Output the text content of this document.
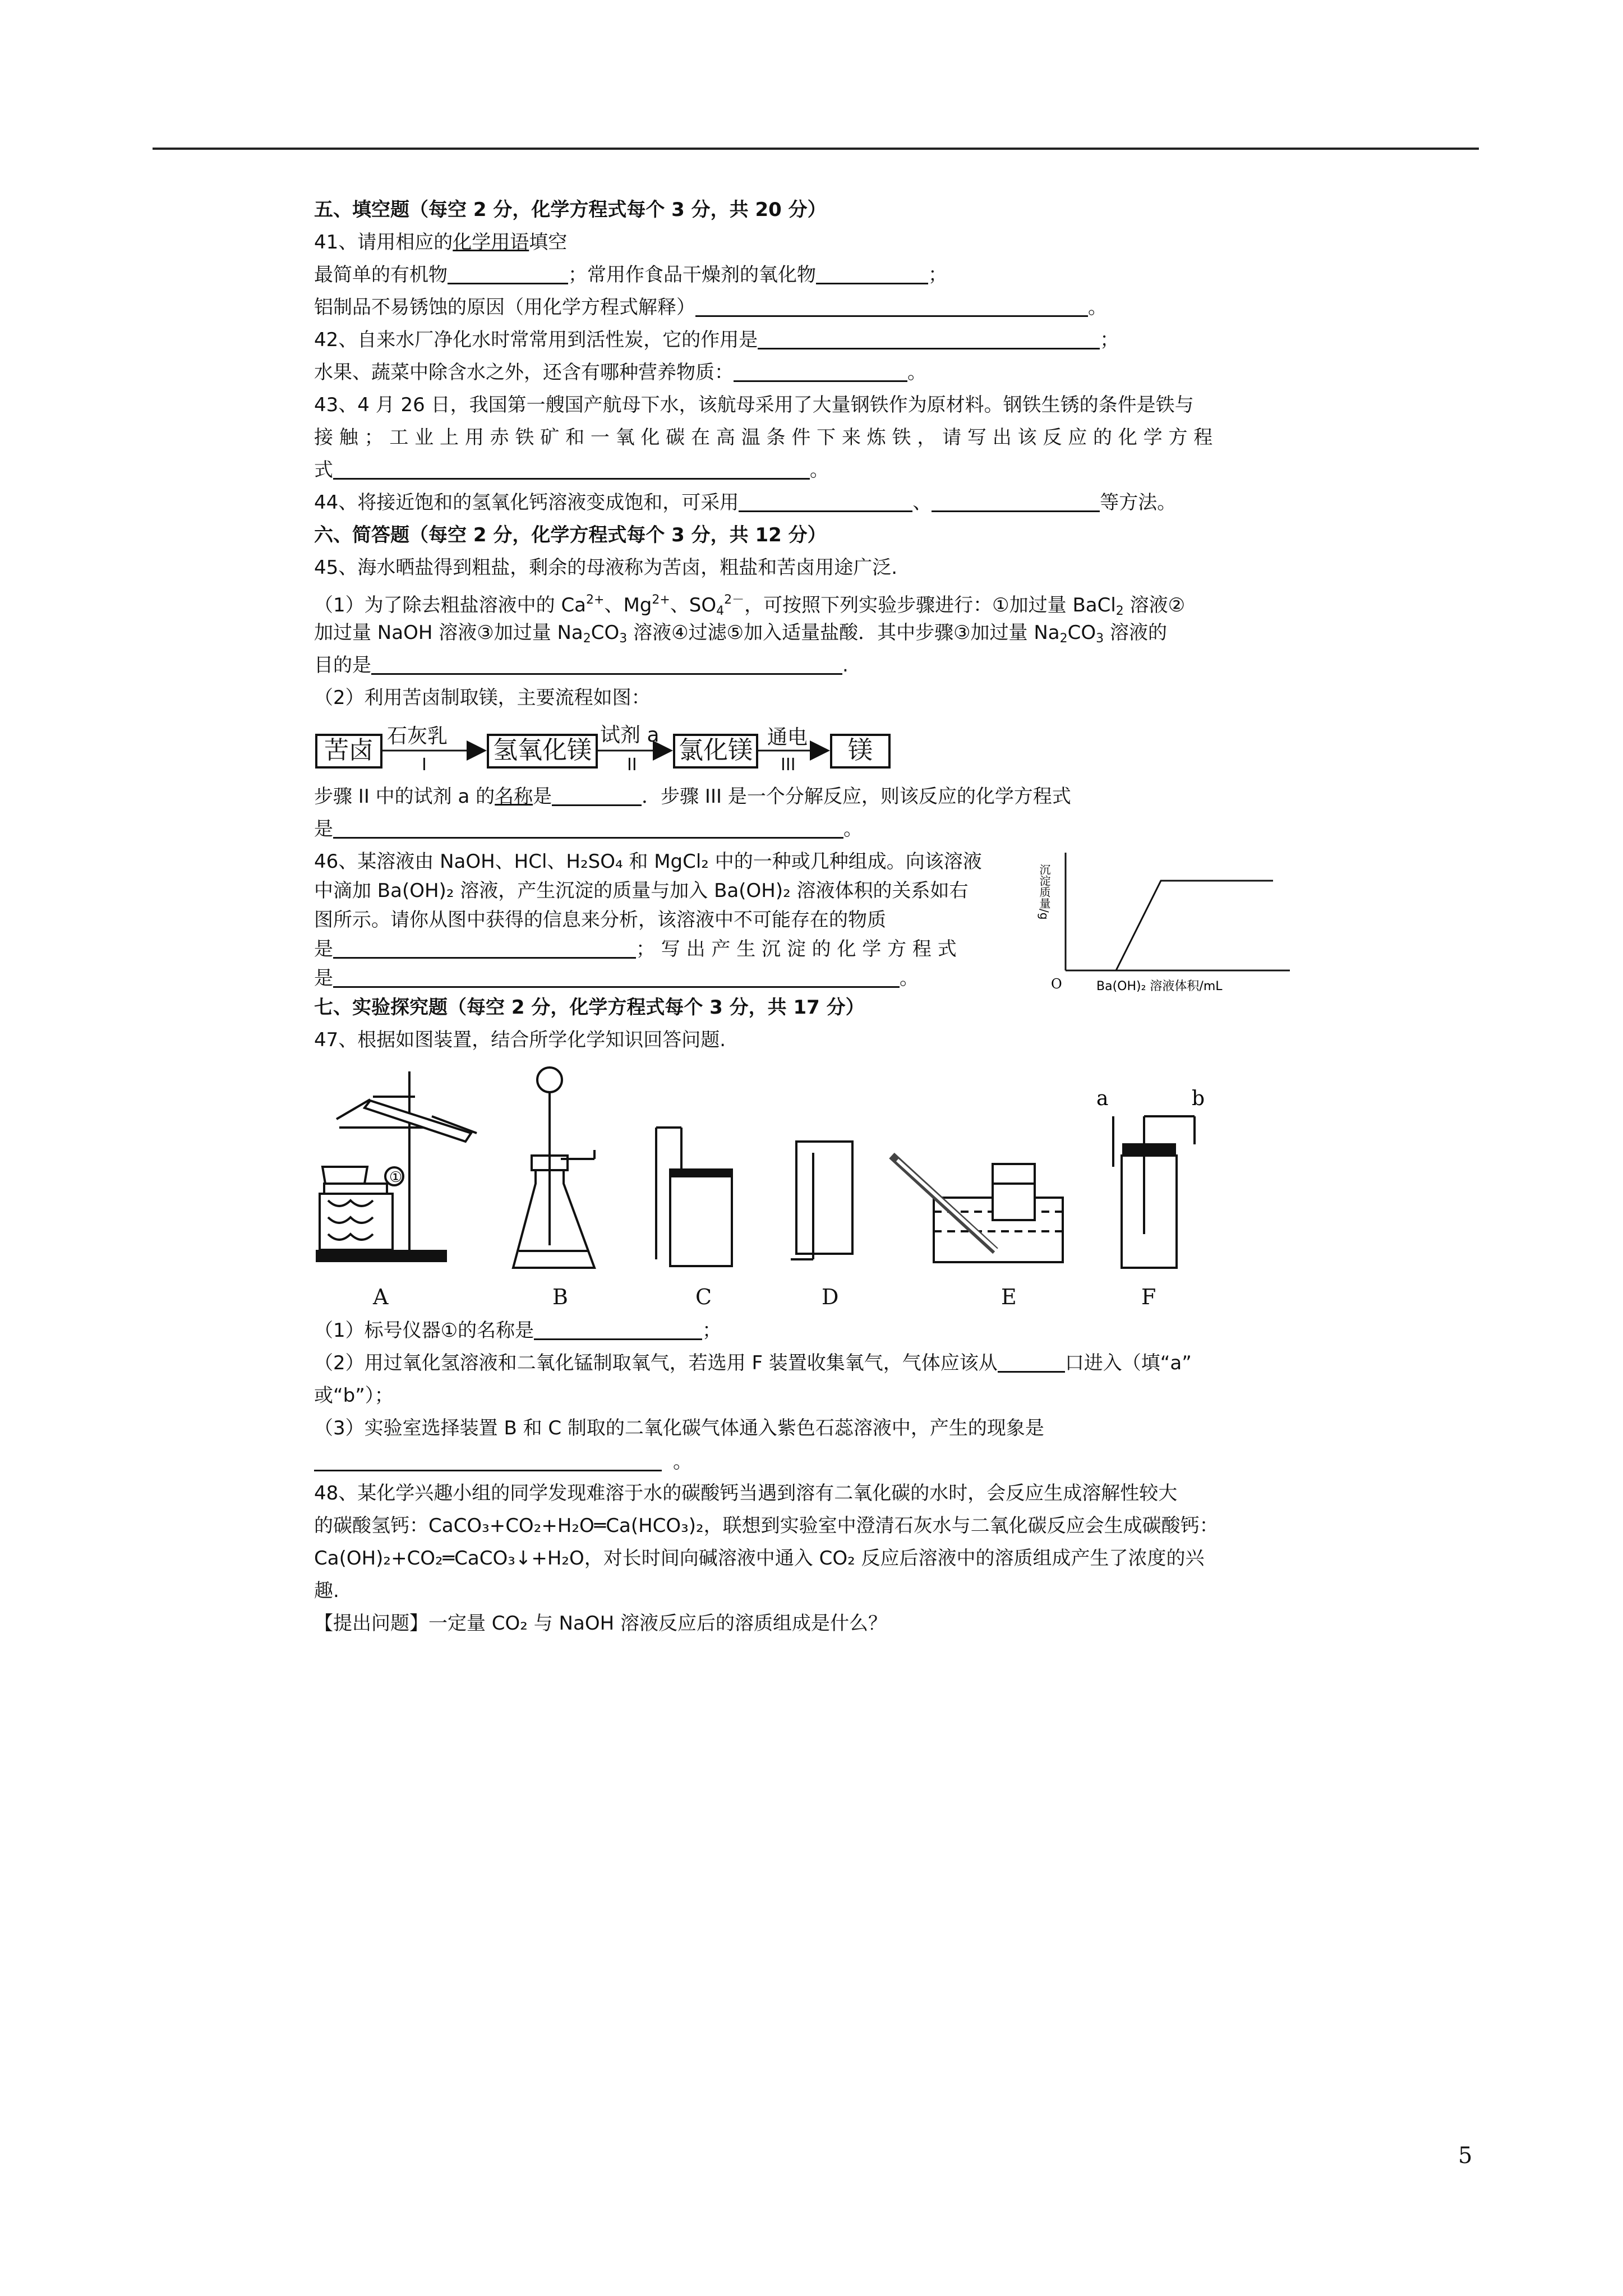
五、填空题（每空 2 分，化学方程式每个 3 分，共 20 分）
41、请用相应的化学用语填空
最简单的有机物	；常用作食品干燥剂的氧化物	；
铝制品不易锈蚀的原因（用化学方程式解释）	。
42、自来水厂净化水时常常用到活性炭，它的作用是	；
水果、蔬菜中除含水之外，还含有哪种营养物质：	。
43、4 月 26 日，我国第一艘国产航母下水，该航母采用了大量钢铁作为原材料。钢铁生锈的条件是铁与
接 触 ； 工 业 上 用 赤 铁 矿 和 一 氧 化 碳 在 高 温 条 件 下 来 炼 铁 ， 请 写 出 该 反 应 的 化 学 方 程
式	。
44、将接近饱和的氢氧化钙溶液变成饱和，可采用	、	等方法。
六、简答题（每空 2 分，化学方程式每个 3 分，共 12 分）
45、海水晒盐得到粗盐，剩余的母液称为苦卤，粗盐和苦卤用途广泛.
（1）为了除去粗盐溶液中的 $Ca^{2+}$、$Mg^{2+}$、$SO_4^{2-}$，可按照下列实验步骤进行：①加过量 BaCl$_2$ 溶液②
加过量 NaOH 溶液③加过量 $Na_2CO_3$ 溶液④过滤⑤加入适量盐酸．其中步骤③加过量 $Na_2CO_3$ 溶液的
目的是	.
（2）利用苦卤制取镁，主要流程如图：
苦卤	氢氧化镁	氯化镁	镁
石灰乳
I
试剂 a
II
通电
III
步骤 II 中的试剂 a 的名称是	．步骤 III 是一个分解反应，则该反应的化学方程式
是	。
46、某溶液由 NaOH、HCl、H₂SO₄ 和 MgCl₂ 中的一种或几种组成。向该溶液
中滴加 Ba(OH)₂ 溶液，产生沉淀的质量与加入 Ba(OH)₂ 溶液体积的关系如右
图所示。请你从图中获得的信息来分析，该溶液中不可能存在的物质
是	； 写 出 产 生 沉 淀 的 化 学 方 程 式
是	。	O	Ba(OH)₂ 溶液体积/mL
沉淀质量/g
七、实验探究题（每空 2 分，化学方程式每个 3 分，共 17 分）
47、根据如图装置，结合所学化学知识回答问题.
①
a	b
A	B	C	D	E	F
（1）标号仪器①的名称是	；
（2）用过氧化氢溶液和二氧化锰制取氧气，若选用 F 装置收集氧气，气体应该从	口进入（填“a”
或“b”）；
（3）实验室选择装置 B 和 C 制取的二氧化碳气体通入紫色石蕊溶液中，产生的现象是
。
48、某化学兴趣小组的同学发现难溶于水的碳酸钙当遇到溶有二氧化碳的水时，会反应生成溶解性较大
的碳酸氢钙：CaCO₃+CO₂+H₂O═Ca(HCO₃)₂，联想到实验室中澄清石灰水与二氧化碳反应会生成碳酸钙：
Ca(OH)₂+CO₂═CaCO₃↓+H₂O，对长时间向碱溶液中通入 CO₂ 反应后溶液中的溶质组成产生了浓度的兴
趣.
【提出问题】一定量 CO₂ 与 NaOH 溶液反应后的溶质组成是什么？
5
